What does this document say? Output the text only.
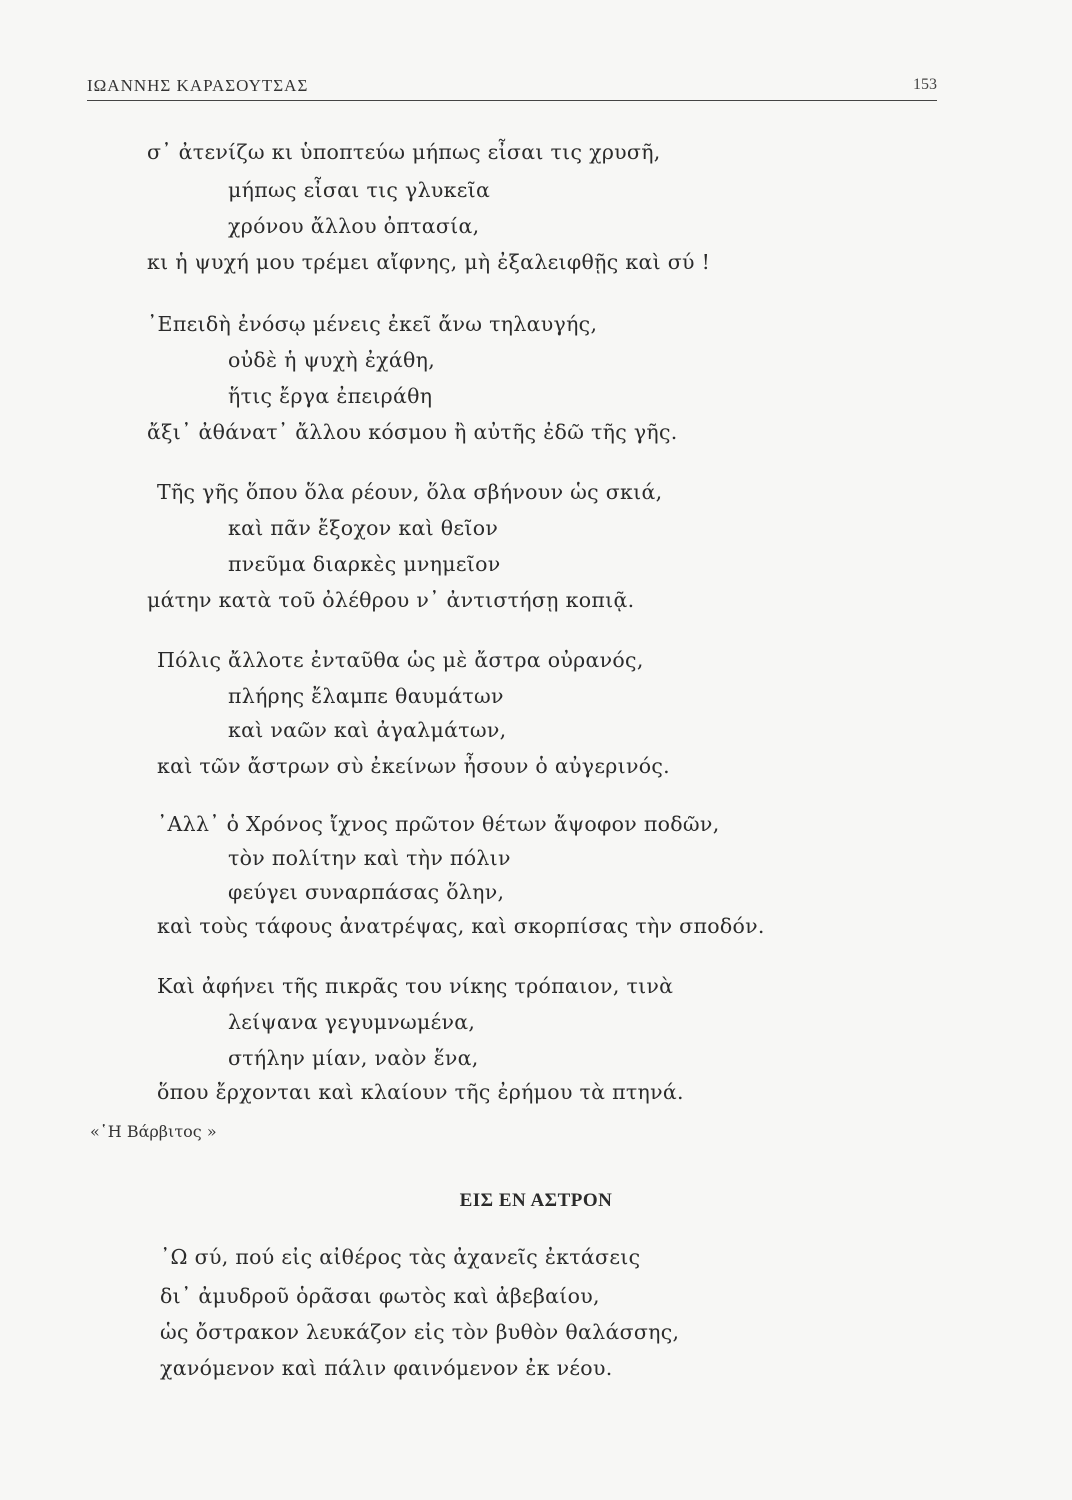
ΙΩΑΝΝΗΣ ΚΑΡΑΣΟΥΤΣΑΣ	153
σ᾽ ἀτενίζω κι ὑποπτεύω μήπως εἶσαι τις χρυσῆ,
μήπως εἶσαι τις γλυκεῖα
χρόνου ἄλλου ὀπτασία,
κι ἡ ψυχή μου τρέμει αἴφνης, μὴ ἐξαλειφθῇς καὶ σύ !
᾽Επειδὴ ἐνόσῳ μένεις ἐκεῖ ἄνω τηλαυγής,
οὐδὲ ἡ ψυχὴ ἐχάθη,
ἥτις ἔργα ἐπειράθη
ἄξι᾽ ἀθάνατ᾽ ἄλλου κόσμου ἢ αὐτῆς ἐδῶ τῆς γῆς.
Τῆς γῆς ὅπου ὅλα ρέουν, ὅλα σβήνουν ὡς σκιά,
καὶ πᾶν ἔξοχον καὶ θεῖον
πνεῦμα διαρκὲς μνημεῖον
μάτην κατὰ τοῦ ὀλέθρου ν᾽ ἀντιστήσῃ κοπιᾷ.
Πόλις ἄλλοτε ἐνταῦθα ὡς μὲ ἄστρα οὐρανός,
πλήρης ἔλαμπε θαυμάτων
καὶ ναῶν καὶ ἀγαλμάτων,
καὶ τῶν ἄστρων σὺ ἐκείνων ἦσουν ὁ αὐγερινός.
᾽Αλλ᾽ ὁ Χρόνος ἴχνος πρῶτον θέτων ἄψοφον ποδῶν,
τὸν πολίτην καὶ τὴν πόλιν
φεύγει συναρπάσας ὅλην,
καὶ τοὺς τάφους ἀνατρέψας, καὶ σκορπίσας τὴν σποδόν.
Καὶ ἀφήνει τῆς πικρᾶς του νίκης τρόπαιον, τινὰ
λείψανα γεγυμνωμένα,
στήλην μίαν, ναὸν ἕνα,
ὅπου ἔρχονται καὶ κλαίουν τῆς ἐρήμου τὰ πτηνά.
«῾Η Βάρβιτος »
ΕΙΣ ΕΝ ΑΣΤΡΟΝ
᾽Ω σύ, πού εἰς αἰθέρος τὰς ἀχανεῖς ἐκτάσεις
δι᾽ ἀμυδροῦ ὁρᾶσαι φωτὸς καὶ ἀβεβαίου,
ὡς ὄστρακον λευκάζον εἰς τὸν βυθὸν θαλάσσης,
χανόμενον καὶ πάλιν φαινόμενον ἐκ νέου.
